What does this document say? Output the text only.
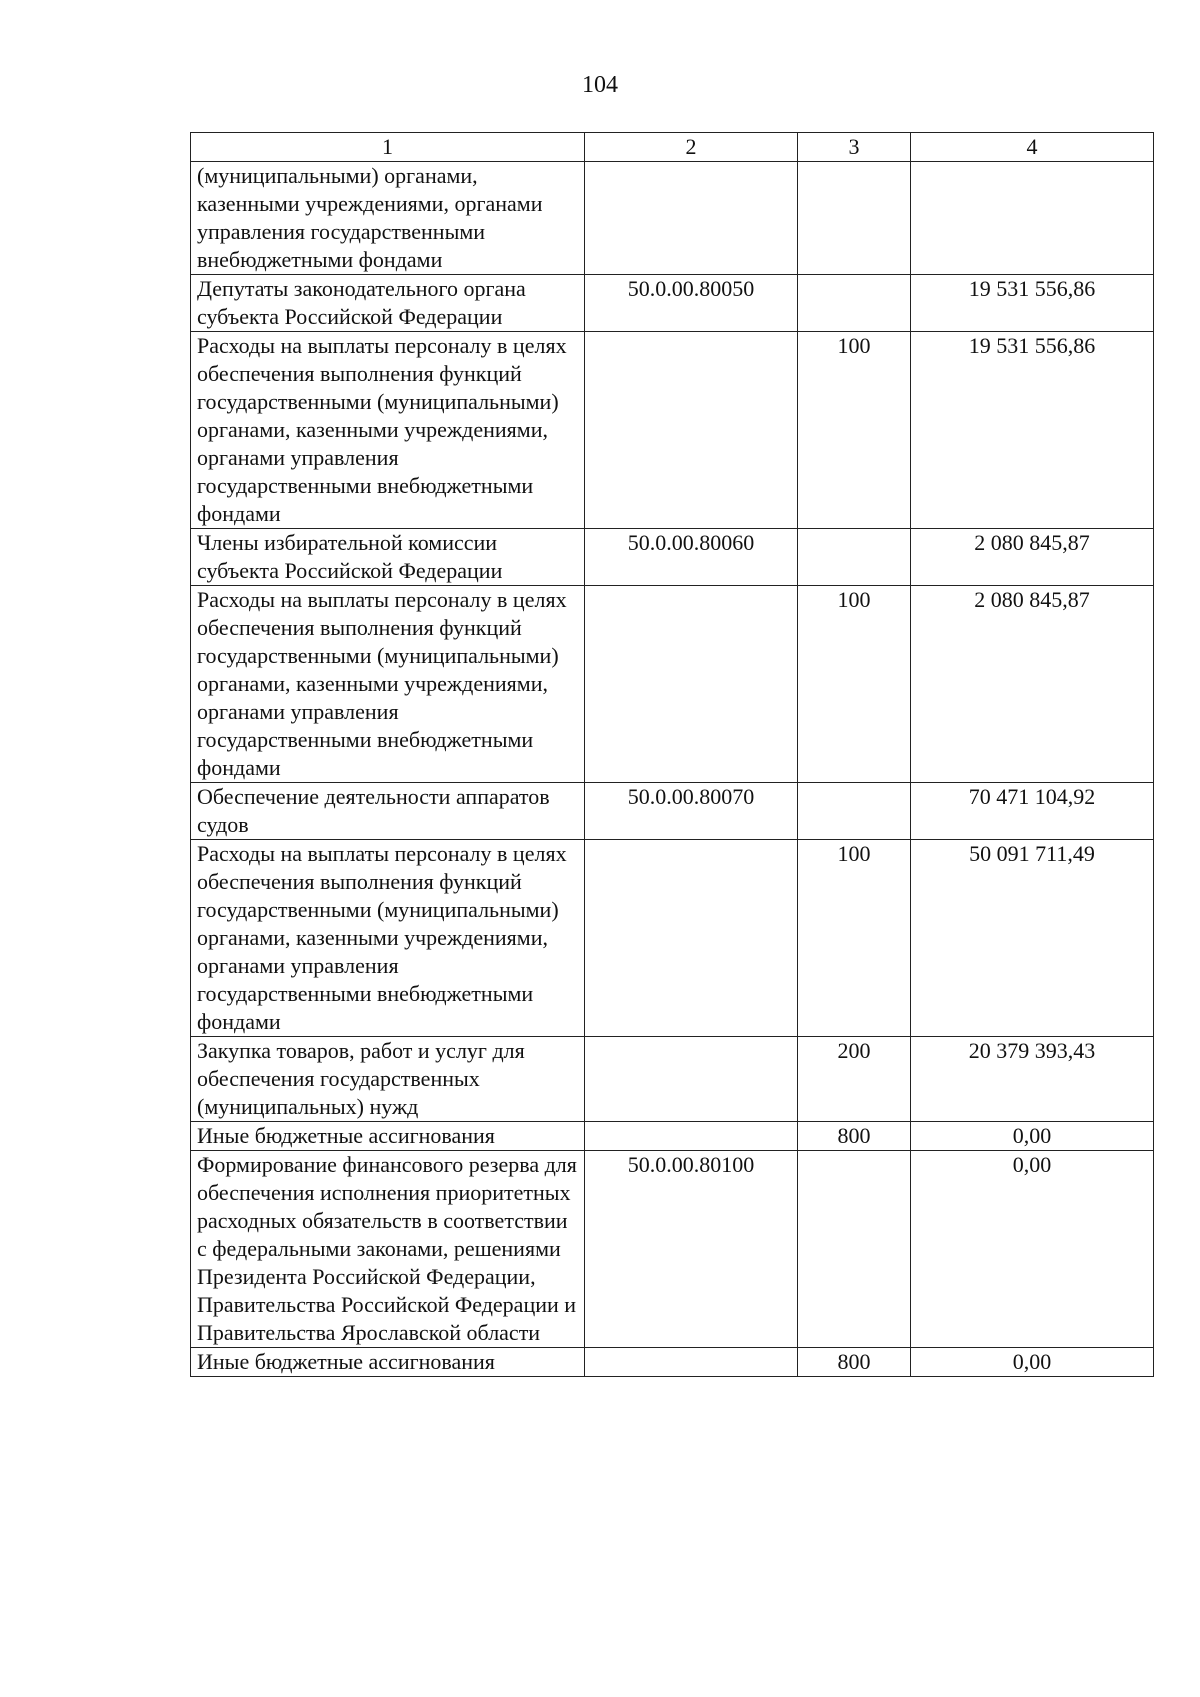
104
1	2	3	4
(муниципальными) органами, казенными учреждениями, органами управления государственными внебюджетными фондами			
Депутаты законодательного органа субъекта Российской Федерации	50.0.00.80050		19 531 556,86
Расходы на выплаты персоналу в целях обеспечения выполнения функций государственными (муниципальными) органами, казенными учреждениями, органами управления государственными внебюджетными фондами		100	19 531 556,86
Члены избирательной комиссии субъекта Российской Федерации	50.0.00.80060		2 080 845,87
Расходы на выплаты персоналу в целях обеспечения выполнения функций государственными (муниципальными) органами, казенными учреждениями, органами управления государственными внебюджетными фондами		100	2 080 845,87
Обеспечение деятельности аппаратов судов	50.0.00.80070		70 471 104,92
Расходы на выплаты персоналу в целях обеспечения выполнения функций государственными (муниципальными) органами, казенными учреждениями, органами управления государственными внебюджетными фондами		100	50 091 711,49
Закупка товаров, работ и услуг для обеспечения государственных (муниципальных) нужд		200	20 379 393,43
Иные бюджетные ассигнования		800	0,00
Формирование финансового резерва для обеспечения исполнения приоритетных расходных обязательств в соответствии с федеральными законами, решениями Президента Российской Федерации, Правительства Российской Федерации и Правительства Ярославской области	50.0.00.80100		0,00
Иные бюджетные ассигнования		800	0,00
